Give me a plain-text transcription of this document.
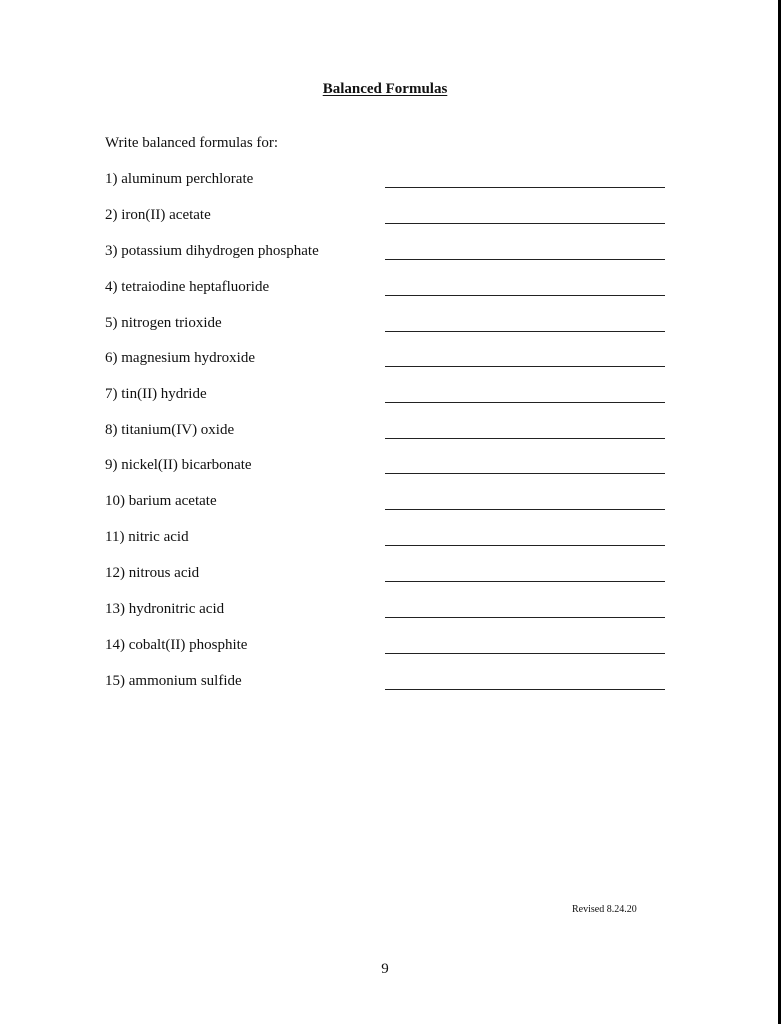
Balanced Formulas
Write balanced formulas for:
1) aluminum perchlorate
2) iron(II) acetate
3) potassium dihydrogen phosphate
4) tetraiodine heptafluoride
5) nitrogen trioxide
6) magnesium hydroxide
7) tin(II) hydride
8) titanium(IV) oxide
9) nickel(II) bicarbonate
10) barium acetate
11) nitric acid
12) nitrous acid
13) hydronitric acid
14) cobalt(II) phosphite
15) ammonium sulfide
Revised 8.24.20
9
